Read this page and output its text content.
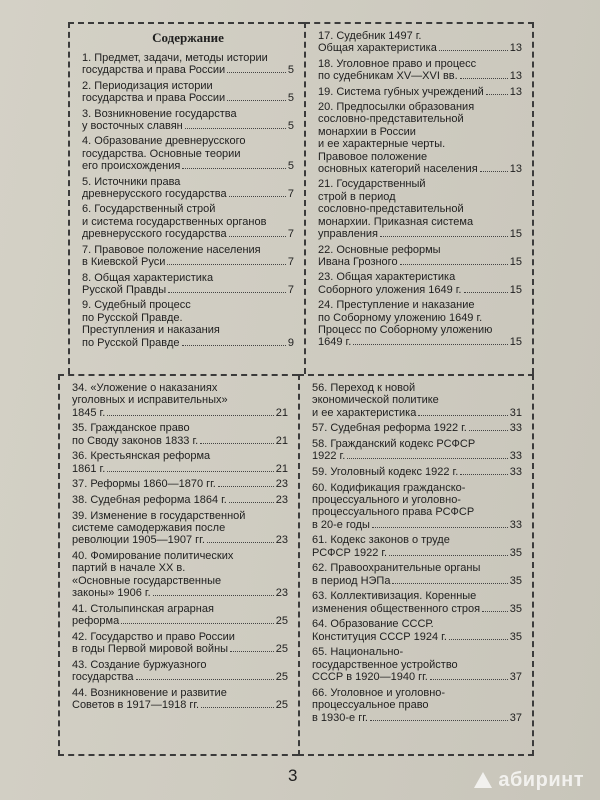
Содержание
1. Предмет, задачи, методы истории
государства и права России	5
2. Периодизация истории
государства и права России	5
3. Возникновение государства
у восточных славян	5
4. Образование древнерусского
государства. Основные теории
его происхождения	5
5. Источники права
древнерусского государства	7
6. Государственный строй
и система государственных органов
древнерусского государства	7
7. Правовое положение населения
в Киевской Руси	7
8. Общая характеристика
Русской Правды	7
9. Судебный процесс
по Русской Правде.
Преступления и наказания
по Русской Правде	9
17. Судебник 1497 г.
Общая характеристика	13
18. Уголовное право и процесс
по судебникам XV—XVI вв.	13
19. Система губных учреждений 13
20. Предпосылки образования
сословно-представительной
монархии в России
и ее характерные черты.
Правовое положение
основных категорий населения	13
21. Государственный
строй в период
сословно-представительной
монархии. Приказная система
управления	15
22. Основные реформы
Ивана Грозного	15
23. Общая характеристика
Соборного уложения 1649 г.	15
24. Преступление и наказание
по Соборному уложению 1649 г.
Процесс по Соборному уложению
1649 г.	15
34. «Уложение о наказаниях
уголовных и исправительных»
1845 г.	21
35. Гражданское право
по Своду законов 1833 г.	21
36. Крестьянская реформа
1861 г.	21
37. Реформы 1860—1870 гг.	23
38. Судебная реформа 1864 г.	23
39. Изменение в государственной
системе самодержавия после
революции 1905—1907 гг.	23
40. Фомирование политических
партий в начале XX в.
«Основные государственные
законы» 1906 г.	23
41. Столыпинская аграрная
реформа	25
42. Государство и право России
в годы Первой мировой войны	25
43. Создание буржуазного
государства	25
44. Возникновение и развитие
Советов в 1917—1918 гг.	25
56. Переход к новой
экономической политике
и ее характеристика	31
57. Судебная реформа 1922 г.	33
58. Гражданский кодекс РСФСР
1922 г.	33
59. Уголовный кодекс 1922 г.	33
60. Кодификация гражданско-
процессуального и уголовно-
процессуального права РСФСР
в 20-е годы	33
61. Кодекс законов о труде
РСФСР 1922 г.	35
62. Правоохранительные органы
в период НЭПа	35
63. Коллективизация. Коренные
изменения общественного строя	35
64. Образование СССР.
Конституция СССР 1924 г.	35
65. Национально-
государственное устройство
СССР в 1920—1940 гг.	37
66. Уголовное и уголовно-
процессуальное право
в 1930-е гг.	37
3	абиринт
